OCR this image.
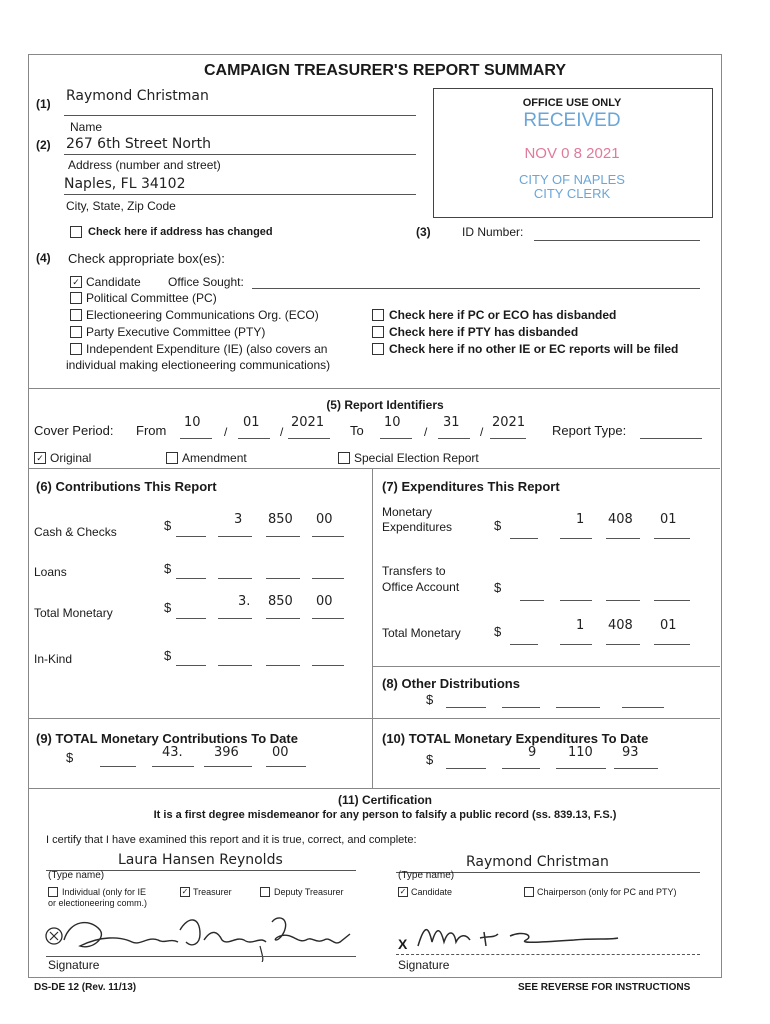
CAMPAIGN TREASURER'S REPORT SUMMARY
(1) Raymond Christman
Name
(2) 267 6th Street North
Address (number and street)
Naples, FL 34102
City, State, Zip Code
Check here if address has changed
OFFICE USE ONLY
RECEIVED
NOV 0 8 2021
CITY OF NAPLES
CITY CLERK
(3)	ID Number:
(4) Check appropriate box(es):
✓ Candidate Office Sought:
Political Committee (PC)
Electioneering Communications Org. (ECO)
Party Executive Committee (PTY)
Independent Expenditure (IE) (also covers an
individual making electioneering communications)
Check here if PC or ECO has disbanded
Check here if PTY has disbanded
Check here if no other IE or EC reports will be filed
(5) Report Identifiers
Cover Period: From
10
/
01
/
2021
To
10
/
31
/
2021
Report Type:
✓ Original	Amendment	Special Election Report
(6) Contributions This Report
Cash & Checks	$	3 850 00
Loans	$
Total Monetary	$	3. 850 00
In-Kind	$
(7) Expenditures This Report
Monetary
Expenditures	$	1 408 01
Transfers to
Office Account	$
Total Monetary	$	1 408 01
(8) Other Distributions
$
(9) TOTAL Monetary Contributions To Date
$	43. 396	00
(10) TOTAL Monetary Expenditures To Date
$	9 110 93
(11) Certification
It is a first degree misdemeanor for any person to falsify a public record (ss. 839.13, F.S.)
I certify that I have examined this report and it is true, correct, and complete:
Laura Hansen Reynolds
(Type name)
Individual (only for IE
or electioneering comm.)
✓ Treasurer	Deputy Treasurer
Raymond Christman
(Type name)
✓ Candidate	Chairperson (only for PC and PTY)
Signature
X
Signature
DS-DE 12 (Rev. 11/13)	SEE REVERSE FOR INSTRUCTIONS
